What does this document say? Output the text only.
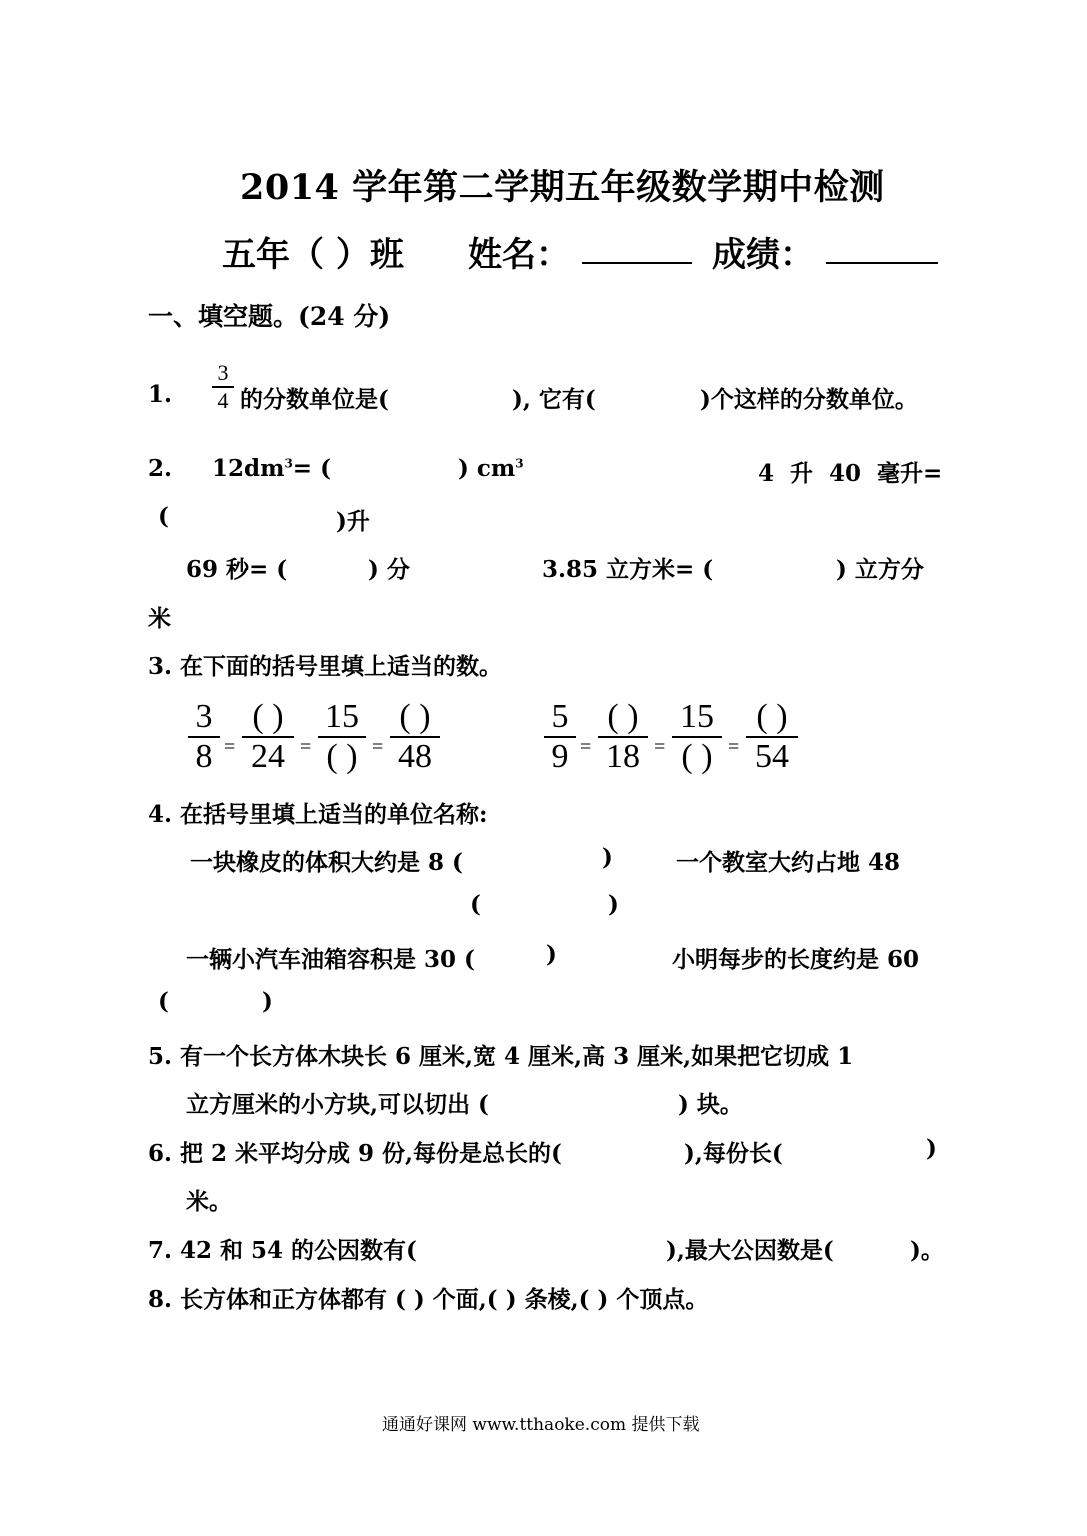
2014 学年第二学期五年级数学期中检测
五年（ ）班 姓名：	成绩：
一、填空题。(24 分)
1.
3
4 的分数单位是(	), 它有(	)个这样的分数单位。
2. $12dm^3=$ (	) $cm^3$	4 升 40 毫升=
(	)升
69 秒= (	) 分	3.85 立方米= (	) 立方分
米
3. 在下面的括号里填上适当的数。
3
8 =
( )
24 =
15
( ) =
( )
48
5
9 =
( )
18 =
15
( ) =
( )
54
4. 在括号里填上适当的单位名称:
一块橡皮的体积大约是 8 (	)	一个教室大约占地 48
(	)
一辆小汽车油箱容积是 30 (	)	小明每步的长度约是 60
(	)
5. 有一个长方体木块长 6 厘米,宽 4 厘米,高 3 厘米,如果把它切成 1
立方厘米的小方块,可以切出 (	) 块。
6. 把 2 米平均分成 9 份,每份是总长的(	),每份长(	)
米。
7. 42 和 54 的公因数有(	),最大公因数是(	)。
8. 长方体和正方体都有 ( ) 个面,( ) 条棱,( ) 个顶点。
通通好课网 www.tthaoke.com 提供下载
